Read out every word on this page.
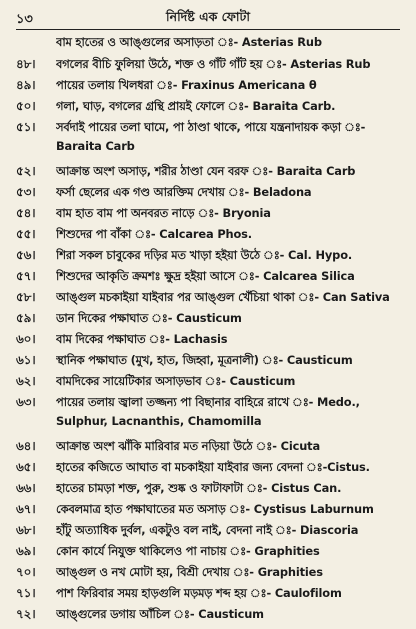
১৩	নির্দিষ্ট এক ফোটা
বাম হাতের ও আঙ্গুলের অসাড়তা ঃ- Asterias Rub
৪৮।	বগলের বীচি ফুলিয়া উঠে, শক্ত ও গাঁট গাঁট হয় ঃ- Asterias Rub
৪৯।	পায়ের তলায় খিলধরা ঃ- Fraxinus Americana θ
৫০।	গলা, ঘাড়, বগলের গ্রন্থি প্রায়ই ফোলে ঃ- Baraita Carb.
৫১।	সর্বদাই পায়ের তলা ঘামে, পা ঠাণ্ডা থাকে, পায়ে যন্ত্রনাদায়ক কড়া ঃ-
Baraita Carb
৫২।	আক্রান্ত অংশ অসাড়, শরীর ঠাণ্ডা যেন বরফ ঃ- Baraita Carb
৫৩।	ফর্সা ছেলের এক গণ্ড আরক্তিম দেখায় ঃ- Beladona
৫৪।	বাম হাত বাম পা অনবরত নাড়ে ঃ- Bryonia
৫৫।	শিশুদের পা বাঁকা ঃ- Calcarea Phos.
৫৬।	শিরা সকল চাবুকের দড়ির মত খাড়া হইয়া উঠে ঃ- Cal. Hypo.
৫৭।	শিশুদের আকৃতি ক্রমশঃ ক্ষুদ্র হইয়া আসে ঃ- Calcarea Silica
৫৮।	আঙ্গুল মচকাইয়া যাইবার পর আঙ্গুল খেঁচিয়া থাকা ঃ- Can Sativa
৫৯।	ডান দিকের পক্ষাঘাত ঃ- Causticum
৬০।	বাম দিকের পক্ষাঘাত ঃ- Lachasis
৬১।	স্থানিক পক্ষাঘাত (মুখ, হাত, জিহ্বা, মূত্রনালী) ঃ- Causticum
৬২।	বামদিকের সায়েটিকার অসাড়ভাব ঃ- Causticum
৬৩।	পায়ের তলায় জ্বালা তজ্জন্য পা বিছানার বাহিরে রাখে ঃ- Medo.,
Sulphur, Lacnanthis, Chamomilla
৬৪।	আক্রান্ত অংশ ঝাঁকি মারিবার মত নড়িয়া উঠে ঃ- Cicuta
৬৫।	হাতের কজিতে আঘাত বা মচকাইয়া যাইবার জন্য বেদনা ঃ-Cistus.
৬৬।	হাতের চামড়া শক্ত, পুরু, শুষ্ক ও ফাটাফাটা ঃ- Cistus Can.
৬৭।	কেবলমাত্র হাত পক্ষাঘাতের মত অসাড় ঃ- Cystisus Laburnum
৬৮।	হাঁটু অত্যাধিক দুর্বল, একটুও বল নাই, বেদনা নাই ঃ- Diascoria
৬৯।	কোন কার্যে নিযুক্ত থাকিলেও পা নাচায় ঃ- Graphities
৭০।	আঙ্গুল ও নখ মোটা হয়, বিশ্রী দেখায় ঃ- Graphities
৭১।	পাশ ফিরিবার সময় হাড়গুলি মড়মড় শব্দ হয় ঃ- Caulofilom
৭২।	আঙ্গুলের ডগায় আঁচিল ঃ- Causticum
